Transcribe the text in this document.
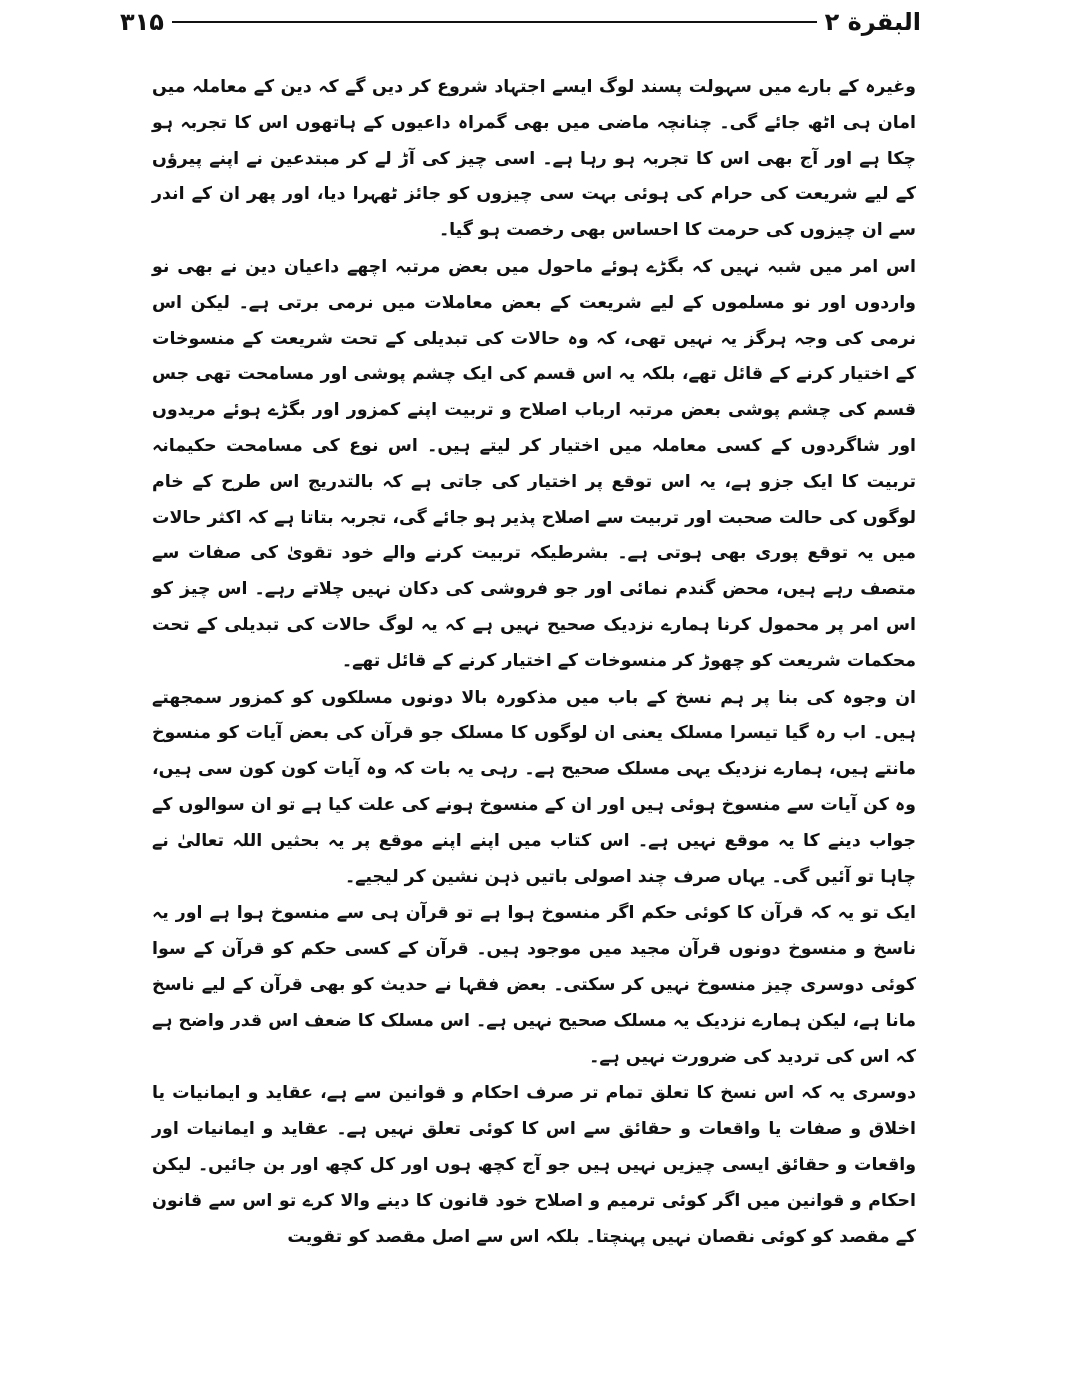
۳۱۵	البقرة ۲

وغیرہ کے بارے میں سہولت پسند لوگ ایسے اجتہاد شروع کر دیں گے کہ دین کے معاملہ میں امان ہی اٹھ جائے گی۔ چنانچہ ماضی میں بھی گمراہ داعیوں کے ہاتھوں اس کا تجربہ ہو چکا ہے اور آج بھی اس کا تجربہ ہو رہا ہے۔ اسی چیز کی آڑ لے کر مبتدعین نے اپنے پیرؤں کے لیے شریعت کی حرام کی ہوئی بہت سی چیزوں کو جائز ٹھہرا دیا، اور پھر ان کے اندر سے ان چیزوں کی حرمت کا احساس بھی رخصت ہو گیا۔

اس امر میں شبہ نہیں کہ بگڑے ہوئے ماحول میں بعض مرتبہ اچھے داعیان دین نے بھی نو واردوں اور نو مسلموں کے لیے شریعت کے بعض معاملات میں نرمی برتی ہے۔ لیکن اس نرمی کی وجہ ہرگز یہ نہیں تھی، کہ وہ حالات کی تبدیلی کے تحت شریعت کے منسوخات کے اختیار کرنے کے قائل تھے، بلکہ یہ اس قسم کی ایک چشم پوشی اور مسامحت تھی جس قسم کی چشم پوشی بعض مرتبہ ارباب اصلاح و تربیت اپنے کمزور اور بگڑے ہوئے مریدوں اور شاگردوں کے کسی معاملہ میں اختیار کر لیتے ہیں۔ اس نوع کی مسامحت حکیمانہ تربیت کا ایک جزو ہے، یہ اس توقع پر اختیار کی جاتی ہے کہ بالتدریج اس طرح کے خام لوگوں کی حالت صحبت اور تربیت سے اصلاح پذیر ہو جائے گی، تجربہ بتاتا ہے کہ اکثر حالات میں یہ توقع پوری بھی ہوتی ہے۔ بشرطیکہ تربیت کرنے والے خود تقویٰ کی صفات سے متصف رہے ہیں، محض گندم نمائی اور جو فروشی کی دکان نہیں چلاتے رہے۔ اس چیز کو اس امر پر محمول کرنا ہمارے نزدیک صحیح نہیں ہے کہ یہ لوگ حالات کی تبدیلی کے تحت محکمات شریعت کو چھوڑ کر منسوخات کے اختیار کرنے کے قائل تھے۔

ان وجوہ کی بنا پر ہم نسخ کے باب میں مذکورہ بالا دونوں مسلکوں کو کمزور سمجھتے ہیں۔ اب رہ گیا تیسرا مسلک یعنی ان لوگوں کا مسلک جو قرآن کی بعض آیات کو منسوخ مانتے ہیں، ہمارے نزدیک یہی مسلک صحیح ہے۔ رہی یہ بات کہ وہ آیات کون کون سی ہیں، وہ کن آیات سے منسوخ ہوئی ہیں اور ان کے منسوخ ہونے کی علت کیا ہے تو ان سوالوں کے جواب دینے کا یہ موقع نہیں ہے۔ اس کتاب میں اپنے اپنے موقع پر یہ بحثیں اللہ تعالیٰ نے چاہا تو آئیں گی۔ یہاں صرف چند اصولی باتیں ذہن نشین کر لیجیے۔

ایک تو یہ کہ قرآن کا کوئی حکم اگر منسوخ ہوا ہے تو قرآن ہی سے منسوخ ہوا ہے اور یہ ناسخ و منسوخ دونوں قرآن مجید میں موجود ہیں۔ قرآن کے کسی حکم کو قرآن کے سوا کوئی دوسری چیز منسوخ نہیں کر سکتی۔ بعض فقہا نے حدیث کو بھی قرآن کے لیے ناسخ مانا ہے، لیکن ہمارے نزدیک یہ مسلک صحیح نہیں ہے۔ اس مسلک کا ضعف اس قدر واضح ہے کہ اس کی تردید کی ضرورت نہیں ہے۔

دوسری یہ کہ اس نسخ کا تعلق تمام تر صرف احکام و قوانین سے ہے، عقاید و ایمانیات یا اخلاق و صفات یا واقعات و حقائق سے اس کا کوئی تعلق نہیں ہے۔ عقاید و ایمانیات اور واقعات و حقائق ایسی چیزیں نہیں ہیں جو آج کچھ ہوں اور کل کچھ اور بن جائیں۔ لیکن احکام و قوانین میں اگر کوئی ترمیم و اصلاح خود قانون کا دینے والا کرے تو اس سے قانون کے مقصد کو کوئی نقصان نہیں پہنچتا۔ بلکہ اس سے اصل مقصد کو تقویت
